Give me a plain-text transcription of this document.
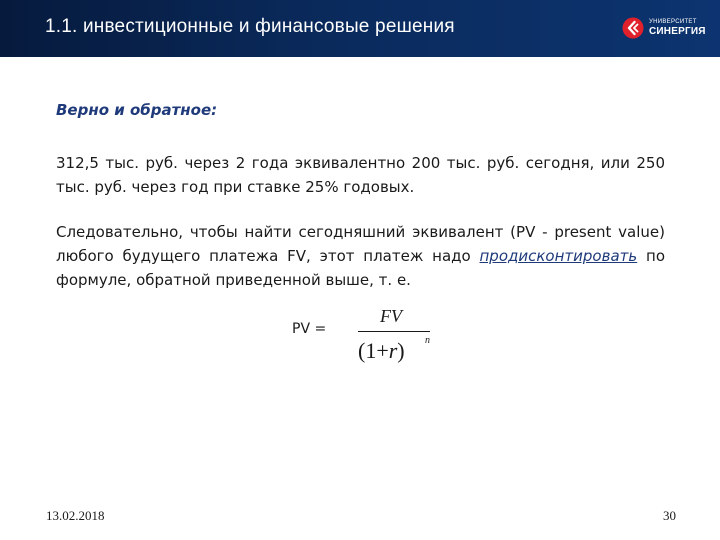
1.1. инвестиционные и финансовые решения	УНИВЕРСИТЕТ
СИНЕРГИЯ

Верно и обратное:

312,5 тыс. руб. через 2 года эквивалентно 200 тыс. руб. сегодня, или 250 тыс. руб. через год при ставке 25% годовых.

Следовательно, чтобы найти сегодняшний эквивалент (PV - present value) любого будущего платежа FV, этот платеж надо продисконтировать по формуле, обратной приведенной выше, т. е.

PV =
FV
(1+r) n
13.02.2018	30
